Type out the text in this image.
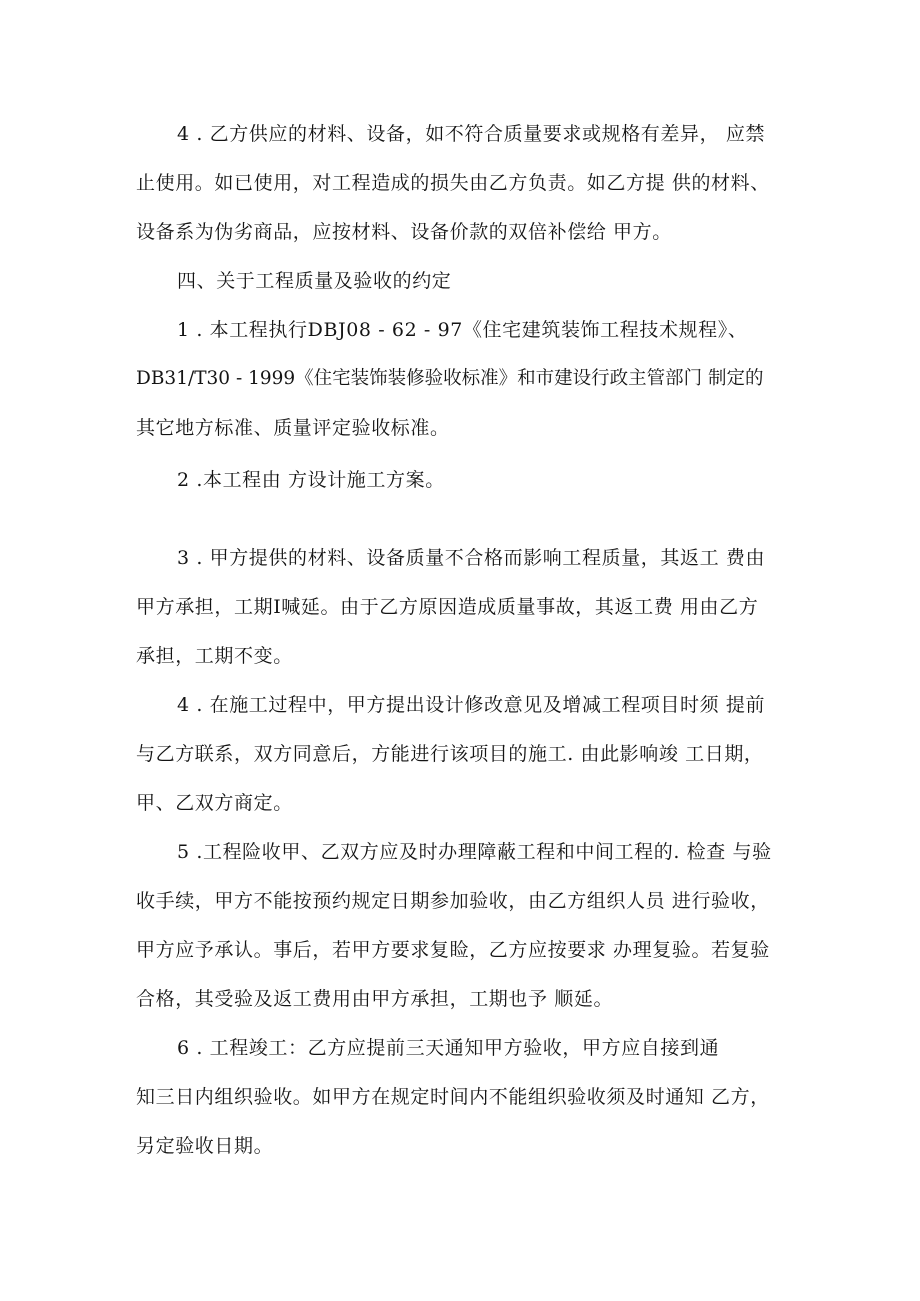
4 . 乙方供应的材料、设备，如不符合质量要求或规格有差异， 应禁
止使用。如已使用，对工程造成的损失由乙方负责。如乙方提 供的材料、
设备系为伪劣商品，应按材料、设备价款的双倍补偿给 甲方。
四、关于工程质量及验收的约定
1 . 本工程执行DBJ08 - 62 - 97《住宅建筑装饰工程技术规程》、
DB31/T30 - 1999《住宅装饰装修验收标准》和市建设行政主管部门 制定的
其它地方标准、质量评定验收标准。
2 .本工程由 方设计施工方案。
3 . 甲方提供的材料、设备质量不合格而影响工程质量，其返工 费由
甲方承担，工期I喊延。由于乙方原因造成质量事故，其返工费 用由乙方
承担，工期不变。
4 . 在施工过程中，甲方提出设计修改意见及增减工程项目时须 提前
与乙方联系，双方同意后，方能进行该项目的施工. 由此影响竣 工日期，
甲、乙双方商定。
5 .工程险收甲、乙双方应及时办理障蔽工程和中间工程的. 检查 与验
收手续，甲方不能按预约规定日期参加验收，由乙方组织人员 进行验收，
甲方应予承认。事后，若甲方要求复睑，乙方应按要求 办理复验。若复验
合格，其受验及返工费用由甲方承担，工期也予 顺延。
6 . 工程竣工：乙方应提前三天通知甲方验收，甲方应自接到通
知三日内组织验收。如甲方在规定时间内不能组织验收须及时通知 乙方，
另定验收日期。
